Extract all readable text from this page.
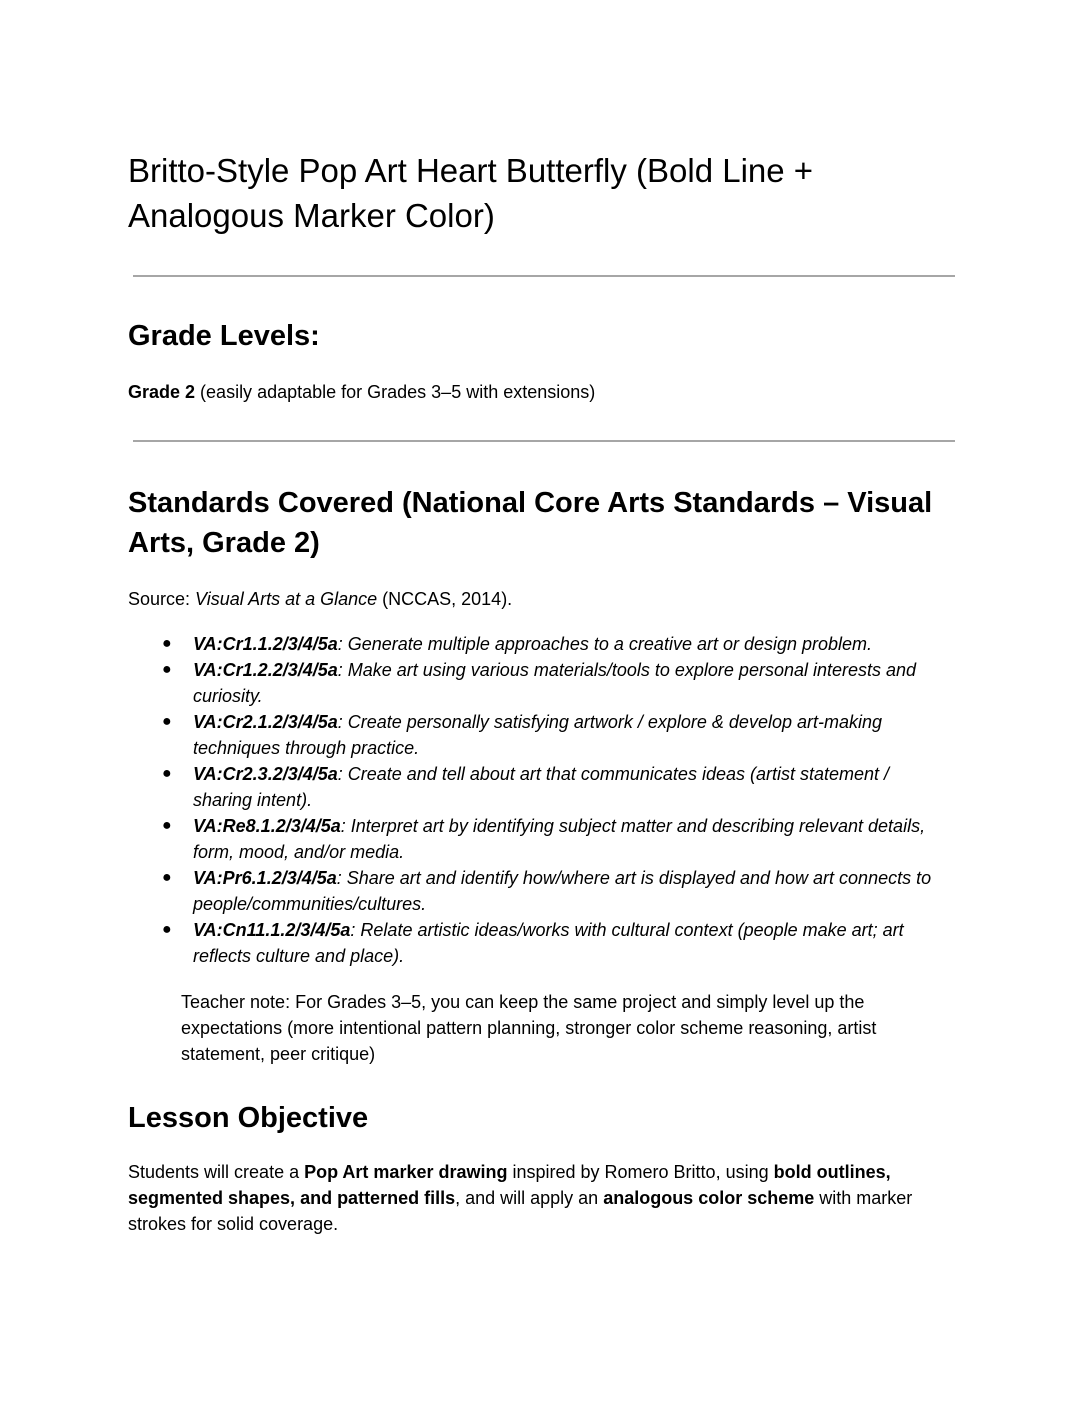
Britto-Style Pop Art Heart Butterfly (Bold Line + Analogous Marker Color)
Grade Levels:

Grade 2 (easily adaptable for Grades 3–5 with extensions)

Standards Covered (National Core Arts Standards – Visual Arts, Grade 2)

Source: Visual Arts at a Glance (NCCAS, 2014).

● VA:Cr1.1.2/3/4/5a: Generate multiple approaches to a creative art or design problem.
● VA:Cr1.2.2/3/4/5a: Make art using various materials/tools to explore personal interests and curiosity.
● VA:Cr2.1.2/3/4/5a: Create personally satisfying artwork / explore & develop art-making techniques through practice.
● VA:Cr2.3.2/3/4/5a: Create and tell about art that communicates ideas (artist statement / sharing intent).
● VA:Re8.1.2/3/4/5a: Interpret art by identifying subject matter and describing relevant details, form, mood, and/or media.
● VA:Pr6.1.2/3/4/5a: Share art and identify how/where art is displayed and how art connects to people/communities/cultures.
● VA:Cn11.1.2/3/4/5a: Relate artistic ideas/works with cultural context (people make art; art reflects culture and place).
Teacher note: For Grades 3–5, you can keep the same project and simply level up the expectations (more intentional pattern planning, stronger color scheme reasoning, artist statement, peer critique)
Lesson Objective

Students will create a Pop Art marker drawing inspired by Romero Britto, using bold outlines, segmented shapes, and patterned fills, and will apply an analogous color scheme with marker strokes for solid coverage.
